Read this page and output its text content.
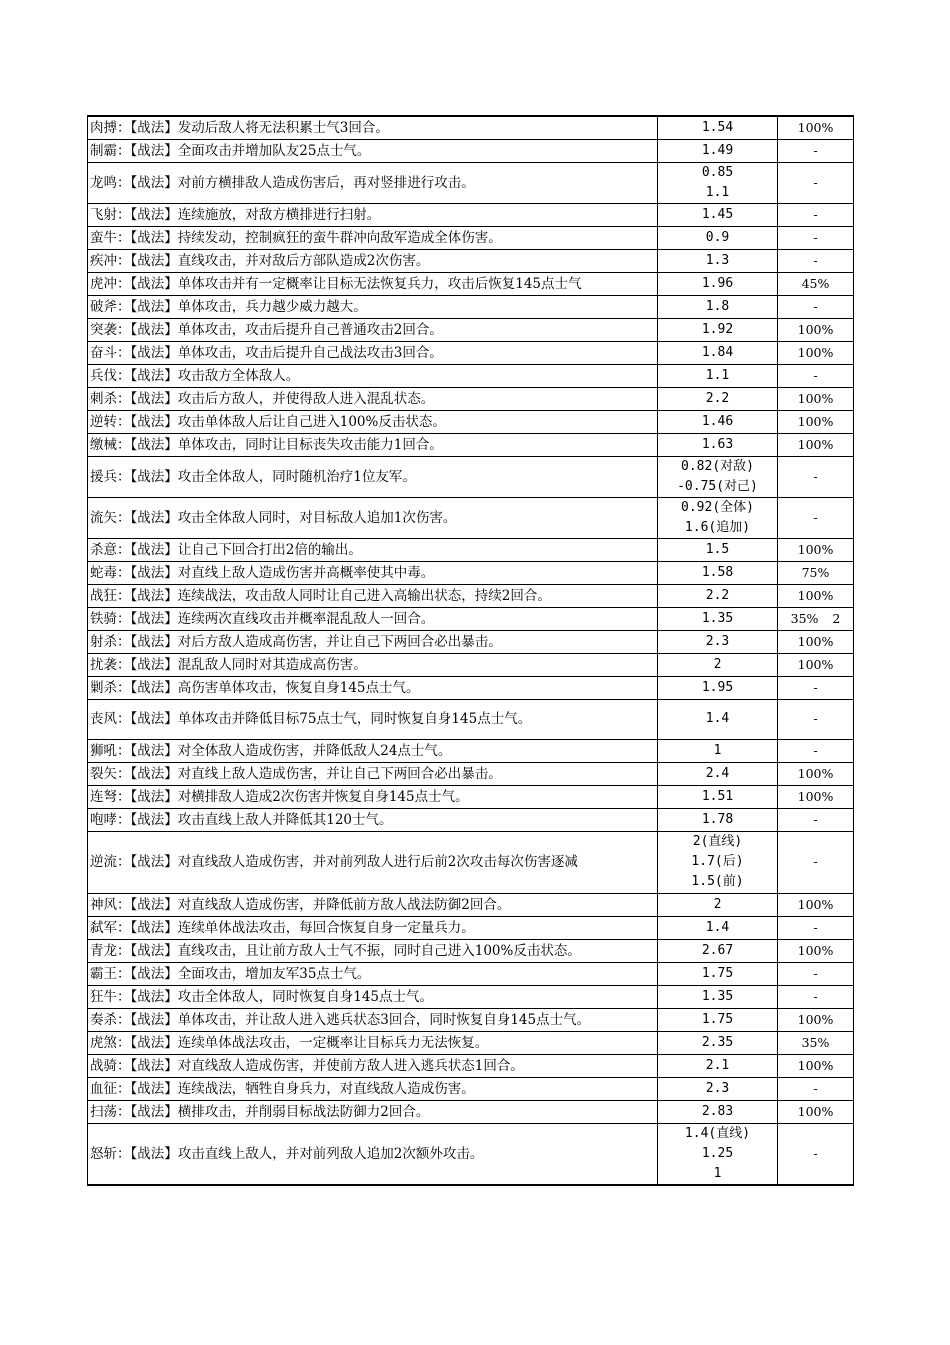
肉搏：【战法】发动后敌人将无法积累士气3回合。	1.54	100%
制霸：【战法】全面攻击并增加队友25点士气。	1.49	-
龙鸣：【战法】对前方横排敌人造成伤害后，再对竖排进行攻击。	0.85
1.1	-
飞射：【战法】连续施放，对敌方横排进行扫射。	1.45	-
蛮牛：【战法】持续发动，控制疯狂的蛮牛群冲向敌军造成全体伤害。	0.9	-
疾冲：【战法】直线攻击，并对敌后方部队造成2次伤害。	1.3	-
虎冲：【战法】单体攻击并有一定概率让目标无法恢复兵力，攻击后恢复145点士气	1.96	45%
破斧：【战法】单体攻击，兵力越少威力越大。	1.8	-
突袭：【战法】单体攻击，攻击后提升自己普通攻击2回合。	1.92	100%
奋斗：【战法】单体攻击，攻击后提升自己战法攻击3回合。	1.84	100%
兵伐：【战法】攻击敌方全体敌人。	1.1	-
刺杀：【战法】攻击后方敌人，并使得敌人进入混乱状态。	2.2	100%
逆转：【战法】攻击单体敌人后让自己进入100%反击状态。	1.46	100%
缴械：【战法】单体攻击，同时让目标丧失攻击能力1回合。	1.63	100%
援兵：【战法】攻击全体敌人，同时随机治疗1位友军。	0.82(对敌)
-0.75(对己)	-
流矢：【战法】攻击全体敌人同时，对目标敌人追加1次伤害。	0.92(全体)
1.6(追加)	-
杀意：【战法】让自己下回合打出2倍的输出。	1.5	100%
蛇毒：【战法】对直线上敌人造成伤害并高概率使其中毒。	1.58	75%
战狂：【战法】连续战法，攻击敌人同时让自己进入高输出状态，持续2回合。	2.2	100%
铁骑：【战法】连续两次直线攻击并概率混乱敌人一回合。	1.35	35% 2
射杀：【战法】对后方敌人造成高伤害，并让自己下两回合必出暴击。	2.3	100%
扰袭：【战法】混乱敌人同时对其造成高伤害。	2	100%
剿杀：【战法】高伤害单体攻击，恢复自身145点士气。	1.95	-
丧风：【战法】单体攻击并降低目标75点士气，同时恢复自身145点士气。	1.4	-
狮吼：【战法】对全体敌人造成伤害，并降低敌人24点士气。	1	-
裂矢：【战法】对直线上敌人造成伤害，并让自己下两回合必出暴击。	2.4	100%
连弩：【战法】对横排敌人造成2次伤害并恢复自身145点士气。	1.51	100%
咆哮：【战法】攻击直线上敌人并降低其120士气。	1.78	-
逆流：【战法】对直线敌人造成伤害，并对前列敌人进行后前2次攻击每次伤害逐减	2(直线)
1.7(后)
1.5(前)	-
神风：【战法】对直线敌人造成伤害，并降低前方敌人战法防御2回合。	2	100%
弑军：【战法】连续单体战法攻击，每回合恢复自身一定量兵力。	1.4	-
青龙：【战法】直线攻击，且让前方敌人士气不振，同时自己进入100%反击状态。	2.67	100%
霸王：【战法】全面攻击，增加友军35点士气。	1.75	-
狂牛：【战法】攻击全体敌人，同时恢复自身145点士气。	1.35	-
奏杀：【战法】单体攻击，并让敌人进入逃兵状态3回合，同时恢复自身145点士气。	1.75	100%
虎煞：【战法】连续单体战法攻击，一定概率让目标兵力无法恢复。	2.35	35%
战骑：【战法】对直线敌人造成伤害，并使前方敌人进入逃兵状态1回合。	2.1	100%
血征：【战法】连续战法，牺牲自身兵力，对直线敌人造成伤害。	2.3	-
扫荡：【战法】横排攻击，并削弱目标战法防御力2回合。	2.83	100%
怒斩：【战法】攻击直线上敌人，并对前列敌人追加2次额外攻击。	1.4(直线)
1.25
1	-
